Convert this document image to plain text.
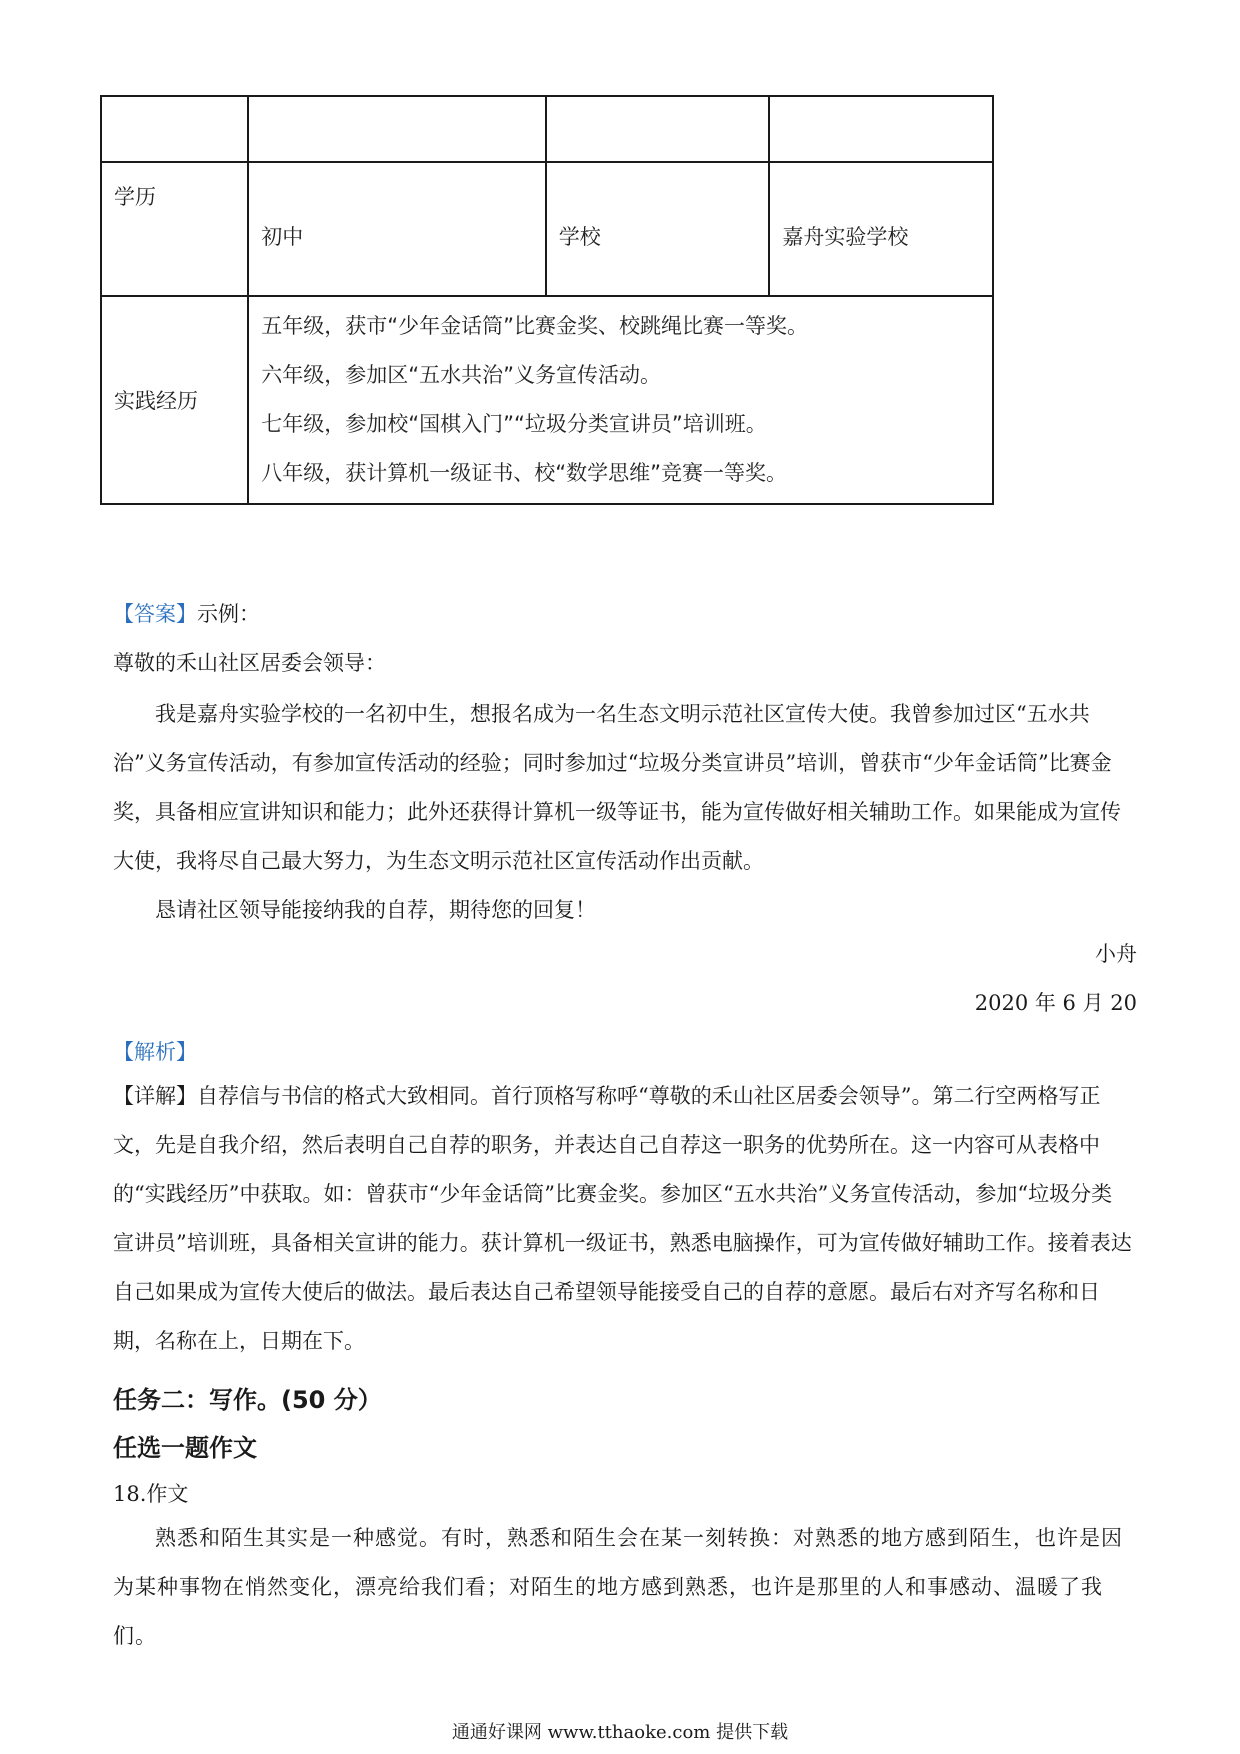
学历	初中	学校	嘉舟实验学校
实践经历	五年级，获市“少年金话筒”比赛金奖、校跳绳比赛一等奖。
六年级，参加区“五水共治”义务宣传活动。
七年级，参加校“国棋入门”“垃圾分类宣讲员”培训班。
八年级，获计算机一级证书、校“数学思维”竞赛一等奖。		
【答案】示例：
尊敬的禾山社区居委会领导：

我是嘉舟实验学校的一名初中生，想报名成为一名生态文明示范社区宣传大使。我曾参加过区“五水共治”义务宣传活动，有参加宣传活动的经验；同时参加过“垃圾分类宣讲员”培训，曾获市“少年金话筒”比赛金奖，具备相应宣讲知识和能力；此外还获得计算机一级等证书，能为宣传做好相关辅助工作。如果能成为宣传大使，我将尽自己最大努力，为生态文明示范社区宣传活动作出贡献。

恳请社区领导能接纳我的自荐，期待您的回复！

小舟
2020 年 6 月 20
【解析】

【详解】自荐信与书信的格式大致相同。首行顶格写称呼“尊敬的禾山社区居委会领导”。第二行空两格写正文，先是自我介绍，然后表明自己自荐的职务，并表达自己自荐这一职务的优势所在。这一内容可从表格中的“实践经历”中获取。如：曾获市“少年金话筒”比赛金奖。参加区“五水共治”义务宣传活动，参加“垃圾分类宣讲员”培训班，具备相关宣讲的能力。获计算机一级证书，熟悉电脑操作，可为宣传做好辅助工作。接着表达自己如果成为宣传大使后的做法。最后表达自己希望领导能接受自己的自荐的意愿。最后右对齐写名称和日期，名称在上，日期在下。

任务二：写作。(50 分）
任选一题作文
18.作文

熟悉和陌生其实是一种感觉。有时，熟悉和陌生会在某一刻转换：对熟悉的地方感到陌生，也许是因为某种事物在悄然变化，漂亮给我们看；对陌生的地方感到熟悉，也许是那里的人和事感动、温暖了我们。

通通好课网 www.tthaoke.com 提供下载
